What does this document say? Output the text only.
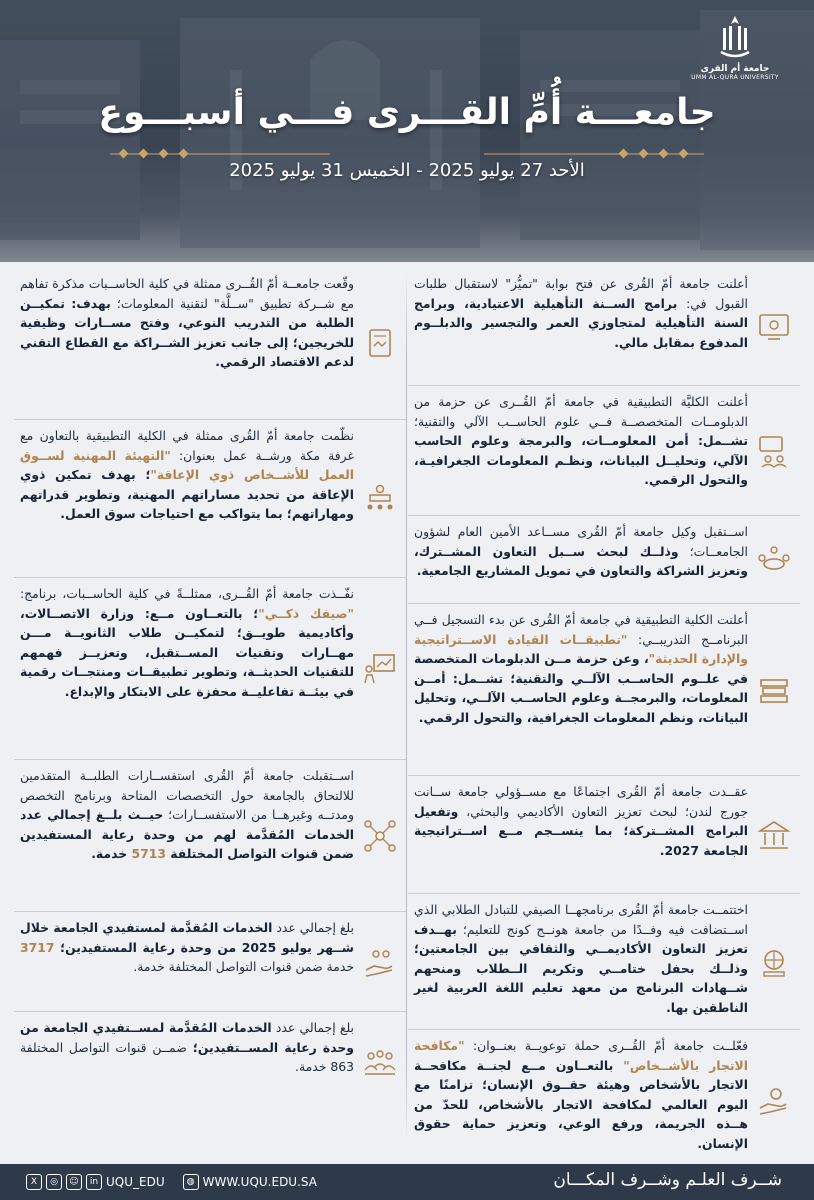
جامعة أم القرى
UMM AL-QURA UNIVERSITY
جامعـــة أُمِّ القـــرى فـــي أسبـــوع
الأحد 27 يوليو 2025 - الخميس 31 يوليو 2025

أعلنت جامعة أمّ القُرى عن فتح بوابة "تميُّز" لاستقبال طلبات القبول في: برامج الســنة التأهيلية الاعتيادية، وبرامج السنة التأهيلية لمتجاوزي العمر والتجسير والدبلــوم المدفوع بمقابل مالي.

أعلنت الكليَّة التطبيقية في جامعة أمّ القُــرى عن حزمة من الدبلومــات المتخصصــة فــي علوم الحاســب الآلي والتقنية؛ تشــمل: أمن المعلومــات، والبرمجة وعلوم الحاسب الآلي، وتحليــل البيانات، ونظـم المعلومات الجغرافيـة، والتحول الرقمي.

اســتقبل وكيل جامعة أمّ القُرى مســاعد الأمين العام لشؤون الجامعــات؛ وذلــك لبحث ســبل التعاون المشــترك، وتعزيز الشراكة والتعاون في تمويل المشاريع الجامعية.

أعلنت الكلية التطبيقية في جامعة أمّ القُرى عن بدء التسجيل فــي البرنامــج التدريبــي: "تطبيقــات القيادة الاســتراتيجية والإدارة الحديثة"، وعن حزمة مــن الدبلومات المتخصصة في علــوم الحاســب الآلــي والتقنية؛ تشــمل: أمــن المعلومات، والبرمجــة وعلوم الحاســب الآلــي، وتحليل البيانات، ونظم المعلومات الجغرافية، والتحول الرقمي.

عقــدت جامعة أمّ القُرى اجتماعًا مع مســؤولي جامعة ســانت جورج لندن؛ لبحث تعزيز التعاون الأكاديمي والبحثي، وتفعيل البرامج المشــتركة؛ بما ينســجم مــع اســتراتيجية الجامعة 2027.

اختتمــت جامعة أمّ القُرى برنامجهــا الصيفي للتبادل الطلابي الذي اســتضافت فيه وفــدًا من جامعة هونــج كونج للتعليم؛ بهــدف تعزيز التعاون الأكاديمــي والثقافي بين الجامعتين؛ وذلــك بحفل ختامــي وتكريم الــطلاب ومنحهم شــهادات البرنامج من معهد تعليم اللغة العربية لغير الناطقين بها.

فعّلــت جامعة أمّ القُــرى حملة توعويــة بعنــوان: "مكافحة الاتجار بالأشــخاص" بالتعــاون مــع لجنــة مكافحــة الاتجار بالأشخاص وهيئة حقــوق الإنسان؛ تزامنًا مع اليوم العالمي لمكافحة الاتجار بالأشخاص، للحدّ من هــذه الجريمة، ورفع الوعي، وتعزيز حماية حقوق الإنسان.

وقّعت جامعــة أمّ القُــرى ممثلة في كلية الحاســبات مذكرة تفاهم مع شــركة تطبيق "ســلَّة" لتقنية المعلومات؛ بهدف: تمكيــن الطلبة من التدريب النوعي، وفتح مســارات وظيفية للخريجين؛ إلى جانب تعزيز الشــراكة مع القطاع التقني لدعم الاقتصاد الرقمي.

نظّمت جامعة أمّ القُرى ممثلة في الكلية التطبيقية بالتعاون مع غرفة مكة ورشــة عمل بعنوان: "التهيئة المهنية لســوق العمل للأشــخاص ذوي الإعاقة"؛ بهدف تمكين ذوي الإعاقة من تحديد مساراتهم المهنية، وتطوير قدراتهم ومهاراتهم؛ بما يتواكب مع احتياجات سوق العمل.

نفّــذت جامعة أمّ القُــرى، ممثلــةً في كلية الحاســبات، برنامج: "صيفك ذكــي"؛ بالتعــاون مــع: وزارة الاتصــالات، وأكاديمية طويــق؛ لتمكيــن طلاب الثانويــة مـــن مهــارات وتقنيات المســتقبل، وتعزيــز فهمهم للتقنيات الحديثــة، وتطوير تطبيقــات ومنتجــات رقمية في بيئــة تفاعليــة محفزة على الابتكار والإبداع.

اســتقبلت جامعة أمّ القُرى استفســارات الطلبــة المتقدمين للالتحاق بالجامعة حول التخصصات المتاحة وبرنامج التخصص ومدتــه وغيرهــا من الاستفســارات؛ حيــث بلــغ إجمالي عدد الخدمات المُقدَّمة لهم من وحدة رعاية المستفيدين ضمن قنوات التواصل المختلفة 5713 خدمة.

بلغ إجمالي عدد الخدمات المُقدَّمة لمستفيدي الجامعة خلال شــهر يوليو 2025 من وحدة رعاية المستفيدين؛ 3717 خدمة ضمن قنوات التواصل المختلفة خدمة.

بلغ إجمالي عدد الخدمات المُقدَّمة لمســتفيدي الجامعة من وحدة رعاية المســتفيدين؛ ضمــن قنوات التواصل المختلفة 863 خدمة.

شــرف العلـم وشــرف المكـــان
X	◎	☺	in UQU_EDU	◍ WWW.UQU.EDU.SA
